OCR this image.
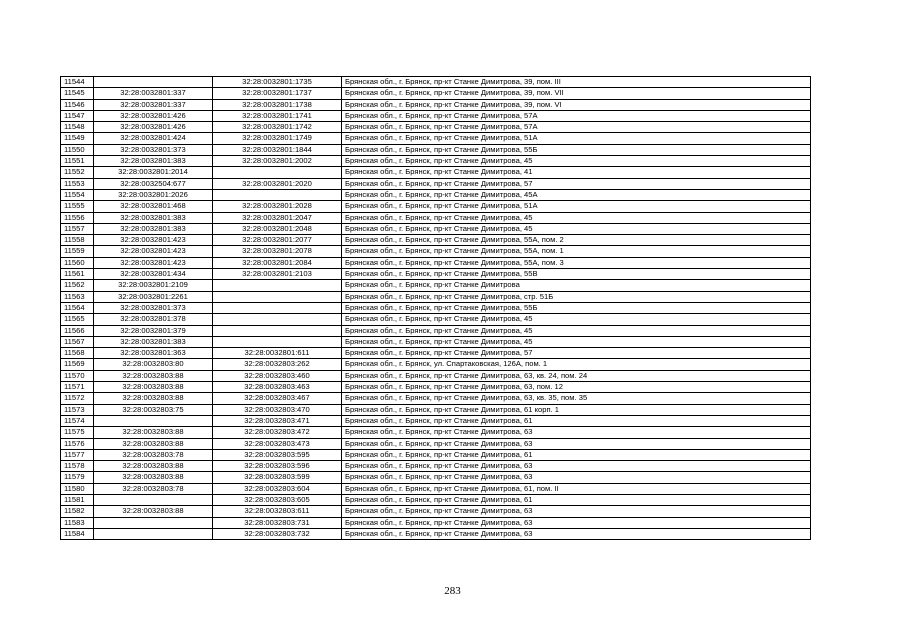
11544		32:28:0032801:1735	Брянская обл., г. Брянск, пр-кт Станке Димитрова, 39, пом. III
11545	32:28:0032801:337	32:28:0032801:1737	Брянская обл., г. Брянск, пр-кт Станке Димитрова, 39, пом. VII
11546	32:28:0032801:337	32:28:0032801:1738	Брянская обл., г. Брянск, пр-кт Станке Димитрова, 39, пом. VI
11547	32:28:0032801:426	32:28:0032801:1741	Брянская обл., г. Брянск, пр-кт Станке Димитрова, 57А
11548	32:28:0032801:426	32:28:0032801:1742	Брянская обл., г. Брянск, пр-кт Станке Димитрова, 57А
11549	32:28:0032801:424	32:28:0032801:1749	Брянская обл., г. Брянск, пр-кт Станке Димитрова, 51А
11550	32:28:0032801:373	32:28:0032801:1844	Брянская обл., г. Брянск, пр-кт Станке Димитрова, 55Б
11551	32:28:0032801:383	32:28:0032801:2002	Брянская обл., г. Брянск, пр-кт Станке Димитрова, 45
11552	32:28:0032801:2014		Брянская обл., г. Брянск, пр-кт Станке Димитрова, 41
11553	32:28:0032504:677	32:28:0032801:2020	Брянская обл., г. Брянск, пр-кт Станке Димитрова, 57
11554	32:28:0032801:2026		Брянская обл., г. Брянск, пр-кт Станке Димитрова, 45А
11555	32:28:0032801:468	32:28:0032801:2028	Брянская обл., г. Брянск, пр-кт Станке Димитрова, 51А
11556	32:28:0032801:383	32:28:0032801:2047	Брянская обл., г. Брянск, пр-кт Станке Димитрова, 45
11557	32:28:0032801:383	32:28:0032801:2048	Брянская обл., г. Брянск, пр-кт Станке Димитрова, 45
11558	32:28:0032801:423	32:28:0032801:2077	Брянская обл., г. Брянск, пр-кт Станке Димитрова, 55А, пом. 2
11559	32:28:0032801:423	32:28:0032801:2078	Брянская обл., г. Брянск, пр-кт Станке Димитрова, 55А, пом. 1
11560	32:28:0032801:423	32:28:0032801:2084	Брянская обл., г. Брянск, пр-кт Станке Димитрова, 55А, пом. 3
11561	32:28:0032801:434	32:28:0032801:2103	Брянская обл., г. Брянск, пр-кт Станке Димитрова, 55В
11562	32:28:0032801:2109		Брянская обл., г. Брянск, пр-кт Станке Димитрова
11563	32:28:0032801:2261		Брянская обл., г. Брянск, пр-кт Станке Димитрова, стр. 51Б
11564	32:28:0032801:373		Брянская обл., г. Брянск, пр-кт Станке Димитрова, 55Б
11565	32:28:0032801:378		Брянская обл., г. Брянск, пр-кт Станке Димитрова, 45
11566	32:28:0032801:379		Брянская обл., г. Брянск, пр-кт Станке Димитрова, 45
11567	32:28:0032801:383		Брянская обл., г. Брянск, пр-кт Станке Димитрова, 45
11568	32:28:0032801:363	32:28:0032801:611	Брянская обл., г. Брянск, пр-кт Станке Димитрова, 57
11569	32:28:0032803:80	32:28:0032803:262	Брянская обл., г. Брянск, ул. Спартаковская, 126А, пом. 1
11570	32:28:0032803:88	32:28:0032803:460	Брянская обл., г. Брянск, пр-кт Станке Димитрова, 63, кв. 24, пом. 24
11571	32:28:0032803:88	32:28:0032803:463	Брянская обл., г. Брянск, пр-кт Станке Димитрова, 63, пом. 12
11572	32:28:0032803:88	32:28:0032803:467	Брянская обл., г. Брянск, пр-кт Станке Димитрова, 63, кв. 35, пом. 35
11573	32:28:0032803:75	32:28:0032803:470	Брянская обл., г. Брянск, пр-кт Станке Димитрова, 61 корп. 1
11574		32:28:0032803:471	Брянская обл., г. Брянск, пр-кт Станке Димитрова, 61
11575	32:28:0032803:88	32:28:0032803:472	Брянская обл., г. Брянск, пр-кт Станке Димитрова, 63
11576	32:28:0032803:88	32:28:0032803:473	Брянская обл., г. Брянск, пр-кт Станке Димитрова, 63
11577	32:28:0032803:78	32:28:0032803:595	Брянская обл., г. Брянск, пр-кт Станке Димитрова, 61
11578	32:28:0032803:88	32:28:0032803:596	Брянская обл., г. Брянск, пр-кт Станке Димитрова, 63
11579	32:28:0032803:88	32:28:0032803:599	Брянская обл., г. Брянск, пр-кт Станке Димитрова, 63
11580	32:28:0032803:78	32:28:0032803:604	Брянская обл., г. Брянск, пр-кт Станке Димитрова, 61, пом. II
11581		32:28:0032803:605	Брянская обл., г. Брянск, пр-кт Станке Димитрова, 61
11582	32:28:0032803:88	32:28:0032803:611	Брянская обл., г. Брянск, пр-кт Станке Димитрова, 63
11583		32:28:0032803:731	Брянская обл., г. Брянск, пр-кт Станке Димитрова, 63
11584		32:28:0032803:732	Брянская обл., г. Брянск, пр-кт Станке Димитрова, 63
283
